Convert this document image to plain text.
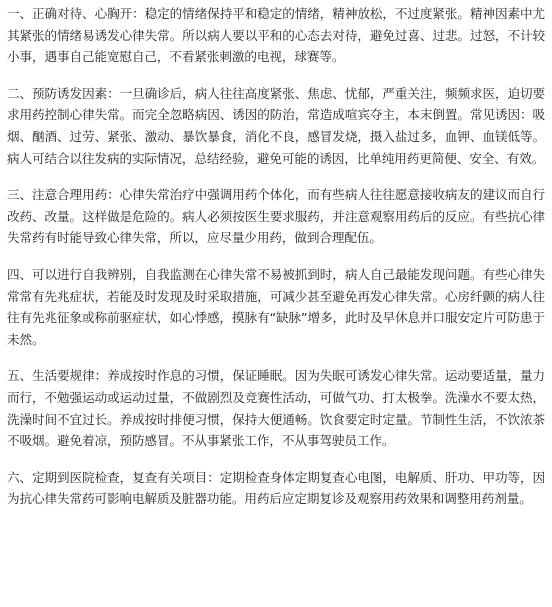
一、正确对待、心胸开：稳定的情绪保持平和稳定的情绪，精神放松，不过度紧张。精神因素中尤其紧张的情绪易诱发心律失常。所以病人要以平和的心态去对待，避免过喜、过悲。过怒，不计较小事，遇事自己能宽慰自己，不看紧张刺激的电视，球赛等。

二、预防诱发因素：一旦确诊后，病人往往高度紧张、焦虑、忧郁，严重关注，频频求医，迫切要求用药控制心律失常。而完全忽略病因、诱因的防治，常造成喧宾夺主，本末倒置。常见诱因：吸烟、酗酒、过劳、紧张、激动、暴饮暴食，消化不良，感冒发烧，摄入盐过多，血钾、血镁低等。病人可结合以往发病的实际情况，总结经验，避免可能的诱因，比单纯用药更简便、安全、有效。

三、注意合理用药：心律失常治疗中强调用药个体化，而有些病人往往愿意接收病友的建议而自行改药、改量。这样做是危险的。病人必须按医生要求服药，并注意观察用药后的反应。有些抗心律失常药有时能导致心律失常，所以，应尽量少用药，做到合理配伍。

四、可以进行自我辨别，自我监测在心律失常不易被抓到时，病人自己最能发现问题。有些心律失常常有先兆症状，若能及时发现及时采取措施，可减少甚至避免再发心律失常。心房纤颤的病人往往有先兆征象或称前驱症状，如心悸感，摸脉有“缺脉”增多，此时及早休息并口服安定片可防患于未然。

五、生活要规律：养成按时作息的习惯，保证睡眠。因为失眠可诱发心律失常。运动要适量，量力而行，不勉强运动或运动过量，不做剧烈及竞赛性活动，可做气功、打太极拳。洗澡水不要太热，洗澡时间不宜过长。养成按时排便习惯，保持大便通畅。饮食要定时定量。节制性生活，不饮浓茶不吸烟。避免着凉，预防感冒。不从事紧张工作，不从事驾驶员工作。

六、定期到医院检查，复查有关项目：定期检查身体定期复查心电图，电解质、肝功、甲功等，因为抗心律失常药可影响电解质及脏器功能。用药后应定期复诊及观察用药效果和调整用药剂量。
